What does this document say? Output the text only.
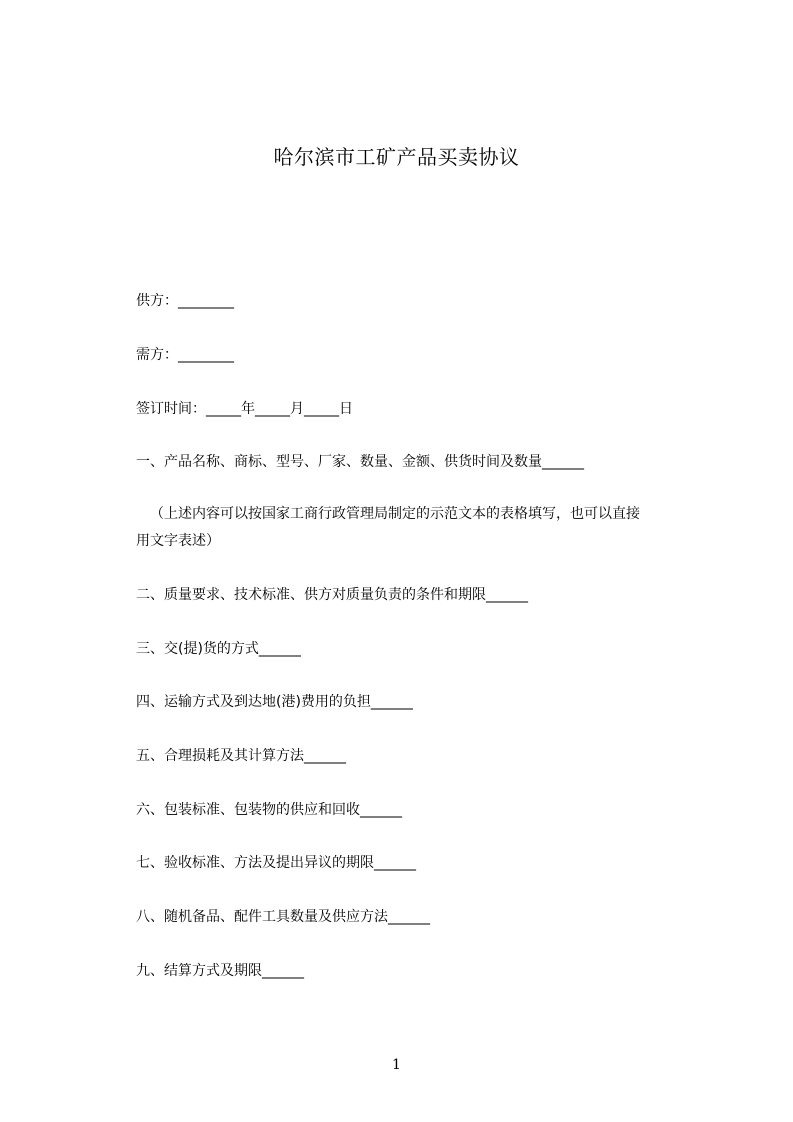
哈尔滨市工矿产品买卖协议
供方：________
需方：________
签订时间：_____年_____月_____日
一、产品名称、商标、型号、厂家、数量、金额、供货时间及数量______
（上述内容可以按国家工商行政管理局制定的示范文本的表格填写，也可以直接
用文字表述）
二、质量要求、技术标准、供方对质量负责的条件和期限______
三、交(提)货的方式______
四、运输方式及到达地(港)费用的负担______
五、合理损耗及其计算方法______
六、包装标准、包装物的供应和回收______
七、验收标准、方法及提出异议的期限______
八、随机备品、配件工具数量及供应方法______
九、结算方式及期限______
1
